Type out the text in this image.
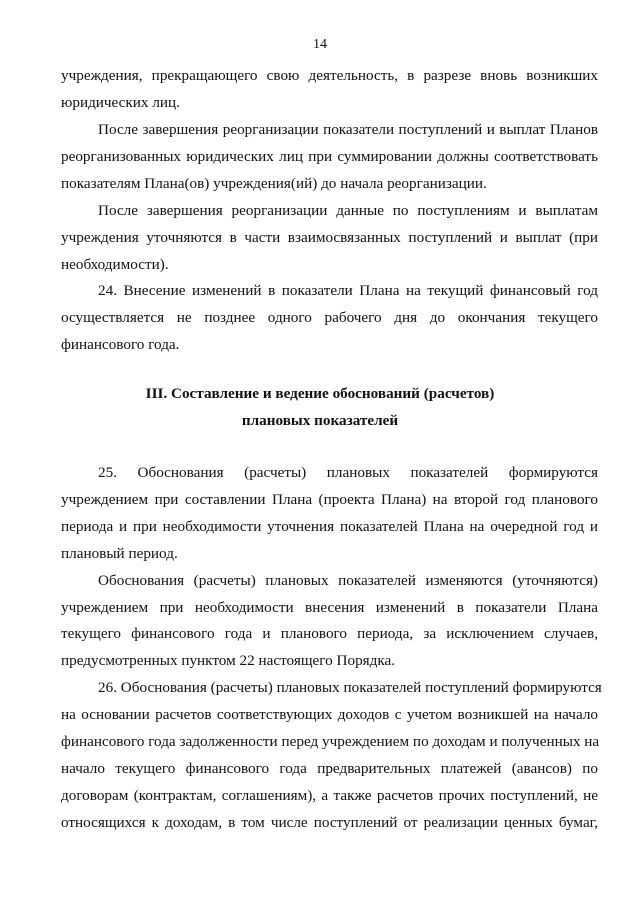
14
учреждения, прекращающего свою деятельность, в разрезе вновь возникших
юридических лиц.
После завершения реорганизации показатели поступлений и выплат Планов
реорганизованных юридических лиц при суммировании должны соответствовать
показателям Плана(ов) учреждения(ий) до начала реорганизации.
После завершения реорганизации данные по поступлениям и выплатам
учреждения уточняются в части взаимосвязанных поступлений и выплат (при
необходимости).
24. Внесение изменений в показатели Плана на текущий финансовый год
осуществляется не позднее одного рабочего дня до окончания текущего
финансового года.
III. Составление и ведение обоснований (расчетов)
плановых показателей
25. Обоснования (расчеты) плановых показателей формируются
учреждением при составлении Плана (проекта Плана) на второй год планового
периода и при необходимости уточнения показателей Плана на очередной год и
плановый период.
Обоснования (расчеты) плановых показателей изменяются (уточняются)
учреждением при необходимости внесения изменений в показатели Плана
текущего финансового года и планового периода, за исключением случаев,
предусмотренных пунктом 22 настоящего Порядка.
26. Обоснования (расчеты) плановых показателей поступлений формируются
на основании расчетов соответствующих доходов с учетом возникшей на начало
финансового года задолженности перед учреждением по доходам и полученных на
начало текущего финансового года предварительных платежей (авансов) по
договорам (контрактам, соглашениям), а также расчетов прочих поступлений, не
относящихся к доходам, в том числе поступлений от реализации ценных бумаг,
